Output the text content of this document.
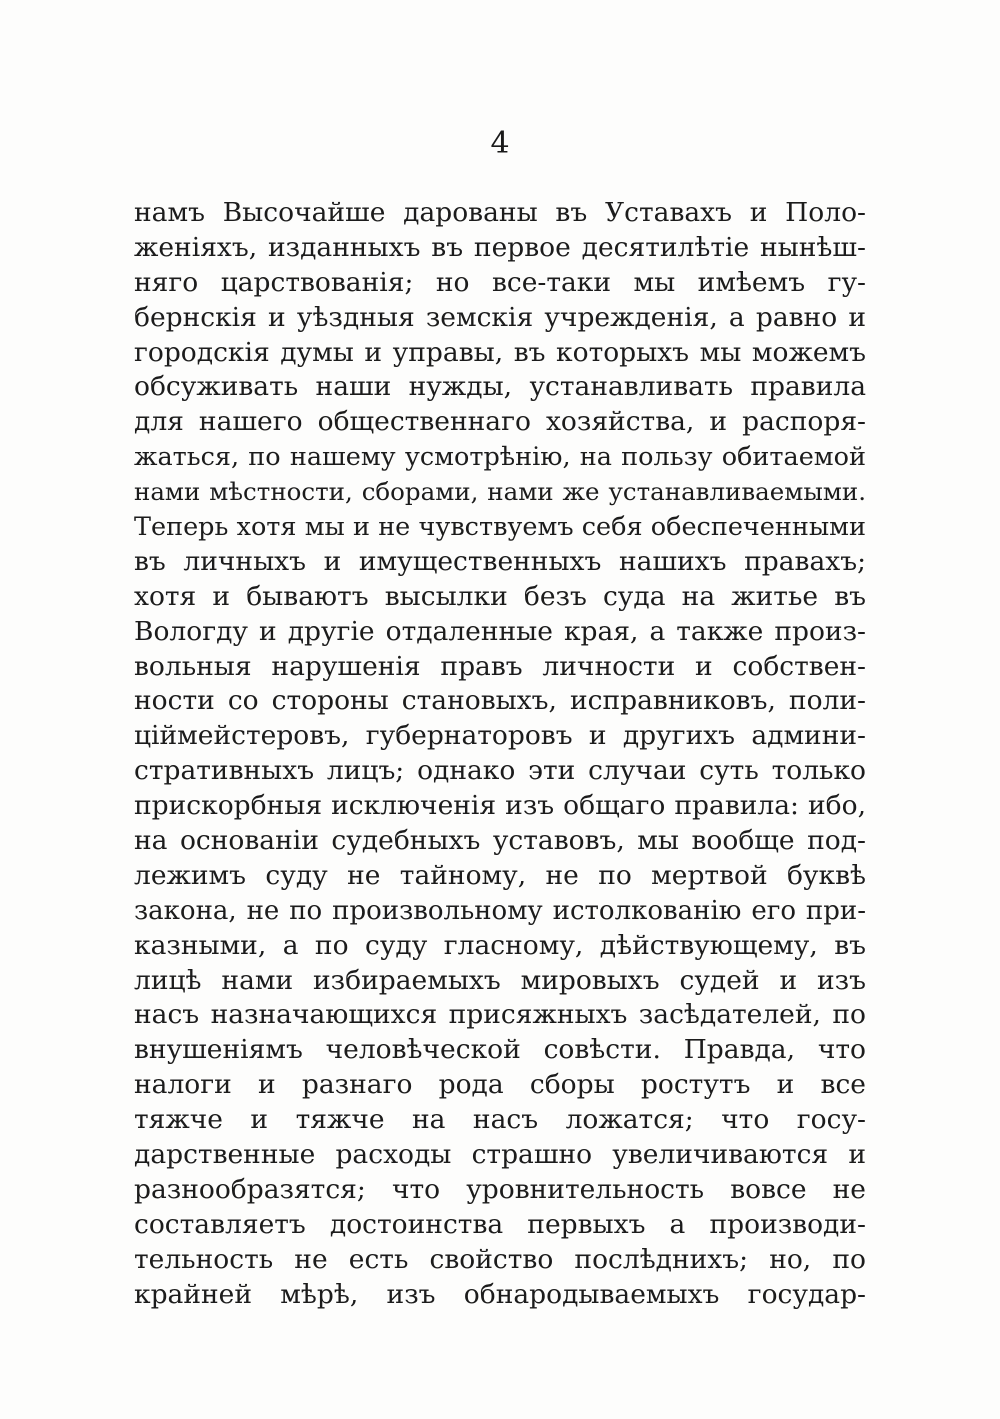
4
намъ Высочайше дарованы въ Уставахъ и Поло-
женіяхъ, изданныхъ въ первое десятилѣтіе нынѣш-
няго царствованія; но все-таки мы имѣемъ гу-
бернскія и уѣздныя земскія учрежденія, а равно и
городскія думы и управы, въ которыхъ мы можемъ
обсуживать наши нужды, устанавливать правила
для нашего общественнаго хозяйства, и распоря-
жаться, по нашему усмотрѣнію, на пользу обитаемой
нами мѣстности, сборами, нами же устанавливаемыми.
Теперь хотя мы и не чувствуемъ себя обеспеченными
въ личныхъ и имущественныхъ нашихъ правахъ;
хотя и бываютъ высылки безъ суда на житье въ
Вологду и другіе отдаленные края, а также произ-
вольныя нарушенія правъ личности и собствен-
ности со стороны становыхъ, исправниковъ, поли-
ціймейстеровъ, губернаторовъ и другихъ админи-
стративныхъ лицъ; однако эти случаи суть только
прискорбныя исключенія изъ общаго правила: ибо,
на основаніи судебныхъ уставовъ, мы вообще под-
лежимъ суду не тайному, не по мертвой буквѣ
закона, не по произвольному истолкованію его при-
казными, а по суду гласному, дѣйствующему, въ
лицѣ нами избираемыхъ мировыхъ судей и изъ
насъ назначающихся присяжныхъ засѣдателей, по
внушеніямъ человѣческой совѣсти. Правда, что
налоги и разнаго рода сборы ростутъ и все
тяжче и тяжче на насъ ложатся; что госу-
дарственные расходы страшно увеличиваются и
разнообразятся; что уровнительность вовсе не
составляетъ достоинства первыхъ а производи-
тельность не есть свойство послѣднихъ; но, по
крайней мѣрѣ, изъ обнародываемыхъ государ-
